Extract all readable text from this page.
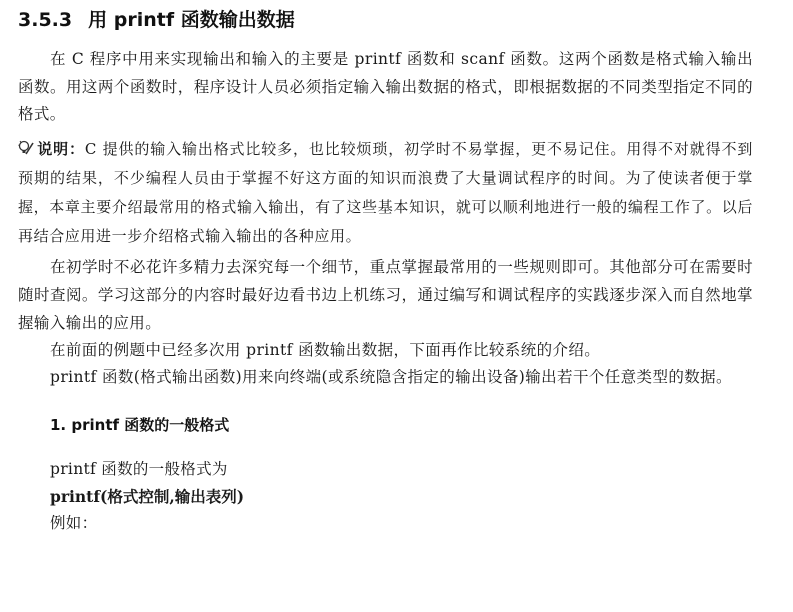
3.5.3 用 printf 函数输出数据

在 C 程序中用来实现输出和输入的主要是 printf 函数和 scanf 函数。这两个函数是格式输入输出函数。用这两个函数时，程序设计人员必须指定输入输出数据的格式，即根据数据的不同类型指定不同的格式。

说明：C 提供的输入输出格式比较多，也比较烦琐，初学时不易掌握，更不易记住。用得不对就得不到预期的结果，不少编程人员由于掌握不好这方面的知识而浪费了大量调试程序的时间。为了使读者便于掌握，本章主要介绍最常用的格式输入输出，有了这些基本知识，就可以顺利地进行一般的编程工作了。以后再结合应用进一步介绍格式输入输出的各种应用。

在初学时不必花许多精力去深究每一个细节，重点掌握最常用的一些规则即可。其他部分可在需要时随时查阅。学习这部分的内容时最好边看书边上机练习，通过编写和调试程序的实践逐步深入而自然地掌握输入输出的应用。

在前面的例题中已经多次用 printf 函数输出数据，下面再作比较系统的介绍。

printf 函数(格式输出函数)用来向终端(或系统隐含指定的输出设备)输出若干个任意类型的数据。

1. printf 函数的一般格式

printf 函数的一般格式为

printf(格式控制,输出表列)

例如：
